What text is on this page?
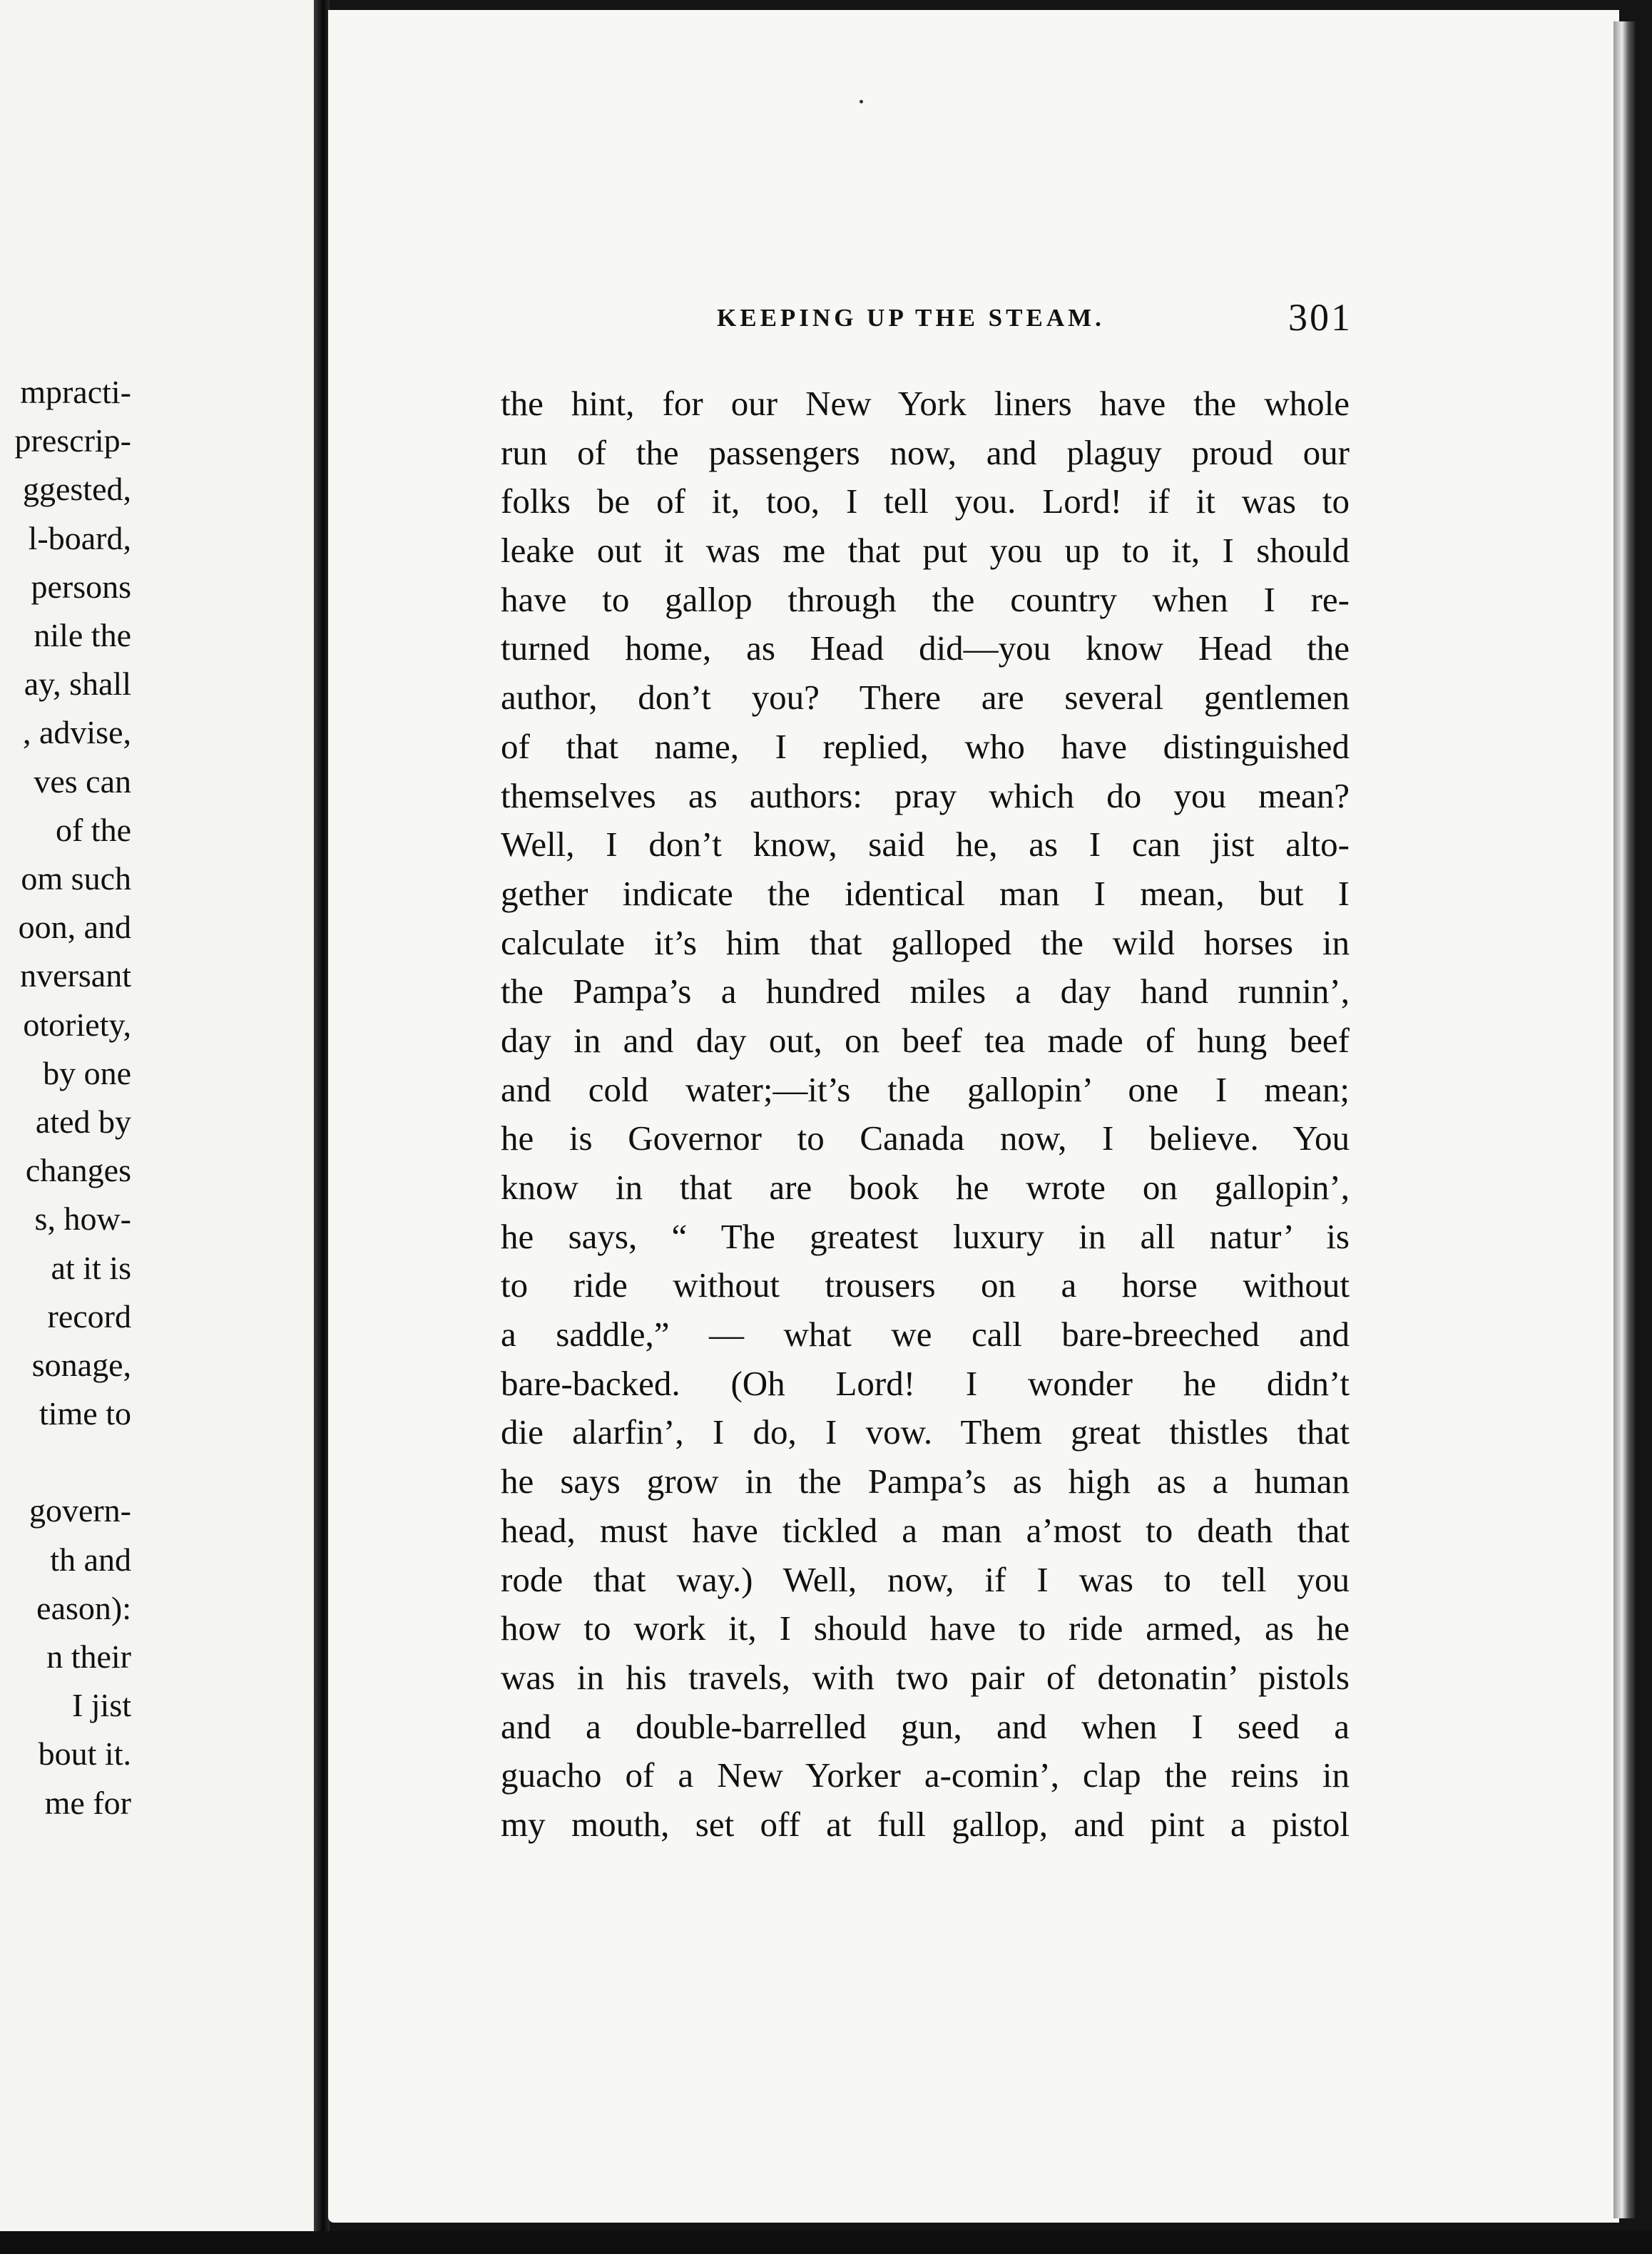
mpracti-
prescrip-
ggested,
l-board,
persons
nile the
ay, shall
, advise,
ves can
of the
om such
oon, and
nversant
otoriety,
by one
ated by
changes
s, how-
at it is
record
sonage,
time to
govern-
th and
eason):
n their
I jist
bout it.
me for
KEEPING UP THE STEAM.	301
the hint, for our New York liners have the whole
run of the passengers now, and plaguy proud our
folks be of it, too, I tell you. Lord! if it was to
leake out it was me that put you up to it, I should
have to gallop through the country when I re-
turned home, as Head did—you know Head the
author, don’t you? There are several gentlemen
of that name, I replied, who have distinguished
themselves as authors: pray which do you mean?
Well, I don’t know, said he, as I can jist alto-
gether indicate the identical man I mean, but I
calculate it’s him that galloped the wild horses in
the Pampa’s a hundred miles a day hand runnin’,
day in and day out, on beef tea made of hung beef
and cold water;—it’s the gallopin’ one I mean;
he is Governor to Canada now, I believe. You
know in that are book he wrote on gallopin’,
he says, “ The greatest luxury in all natur’ is
to ride without trousers on a horse without
a saddle,” — what we call bare-breeched and
bare-backed. (Oh Lord! I wonder he didn’t
die alarfin’, I do, I vow. Them great thistles that
he says grow in the Pampa’s as high as a human
head, must have tickled a man a’most to death that
rode that way.) Well, now, if I was to tell you
how to work it, I should have to ride armed, as he
was in his travels, with two pair of detonatin’ pistols
and a double-barrelled gun, and when I seed a
guacho of a New Yorker a-comin’, clap the reins in
my mouth, set off at full gallop, and pint a pistol
